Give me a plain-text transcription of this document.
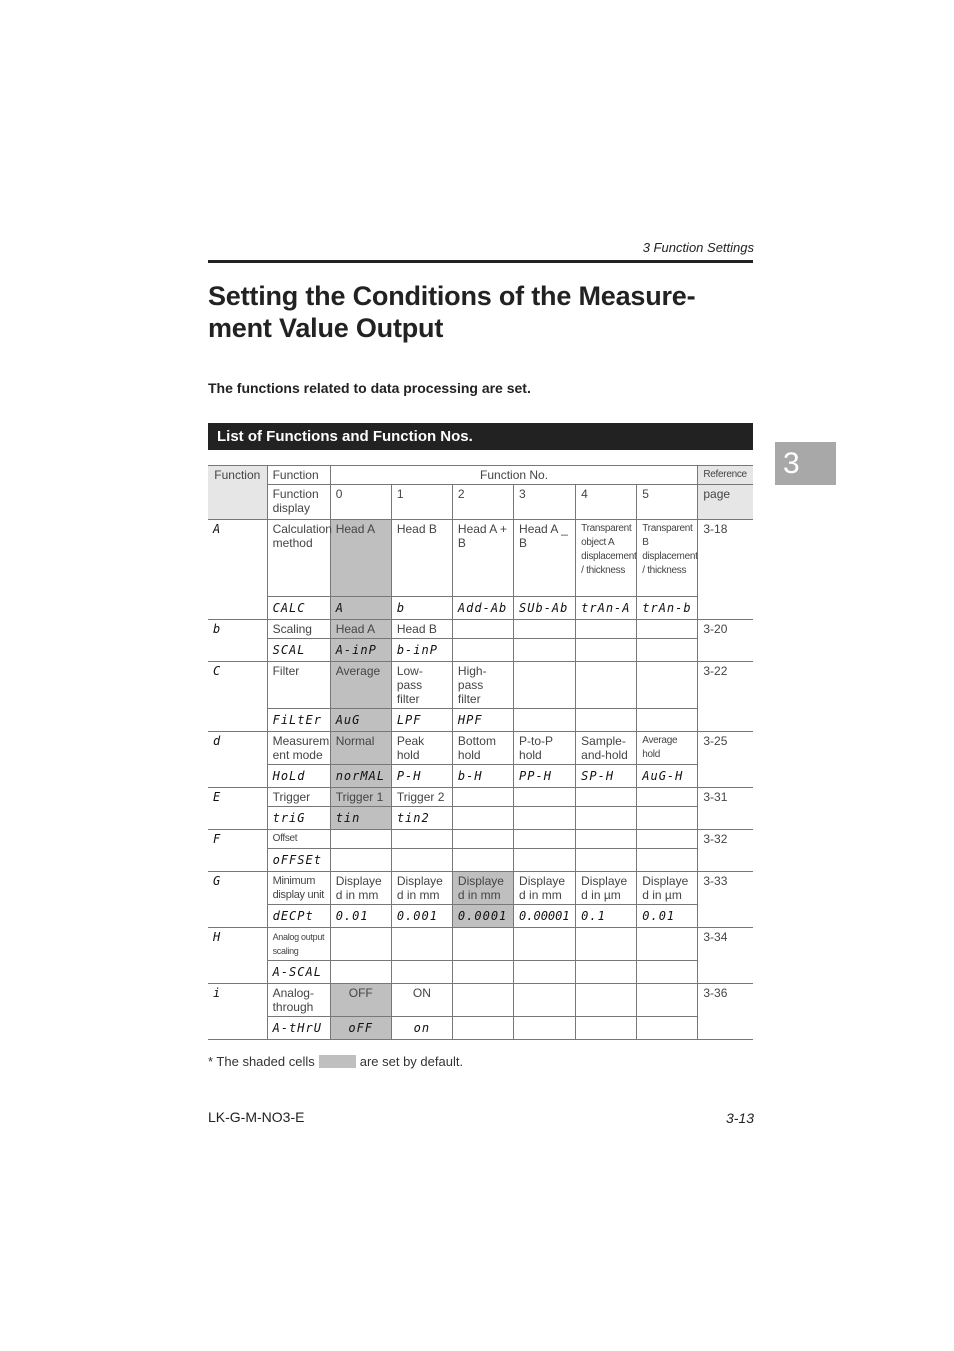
3 Function Settings
Setting the Conditions of the Measure-ment Value Output
The functions related to data processing are set.
List of Functions and Function Nos.
3
Function	Function	Function No.						Reference
	Function display	0	1	2	3	4	5	page
A	Calculation method	Head A	Head B	Head A + B	Head A _ B	Transparent object A displacement / thickness	Transparent B displacement / thickness	3-18
	CALC	A	b	Add-Ab	SUb-Ab	trAn-A	trAn-b	
b	Scaling	Head A	Head B					3-20
	SCAL	A-inP	b-inP					
C	Filter	Average	Low-pass filter	High-pass filter				3-22
	FiLtEr	AuG	LPF	HPF				
d	Measurem ent mode	Normal	Peak hold	Bottom hold	P-to-P hold	Sample-and-hold	Average hold	3-25
	HoLd	norMAL	P-H	b-H	PP-H	SP-H	AuG-H	
E	Trigger	Trigger 1	Trigger 2					3-31
	triG	tin	tin2					
F	Offset							3-32
	oFFSEt							
G	Minimum display unit	Displaye d in mm	Displaye d in mm	Displaye d in mm	Displaye d in mm	Displaye d in µm	Displaye d in µm	3-33
	dECPt	0.01	0.001	0.0001	0.00001	0.1	0.01	
H	Analog output scaling							3-34
	A-SCAL							
i	Analog-through	OFF	ON					3-36
	A-tHrU	oFF	on					
* The shaded cells	are set by default.
LK-G-M-NO3-E	3-13
